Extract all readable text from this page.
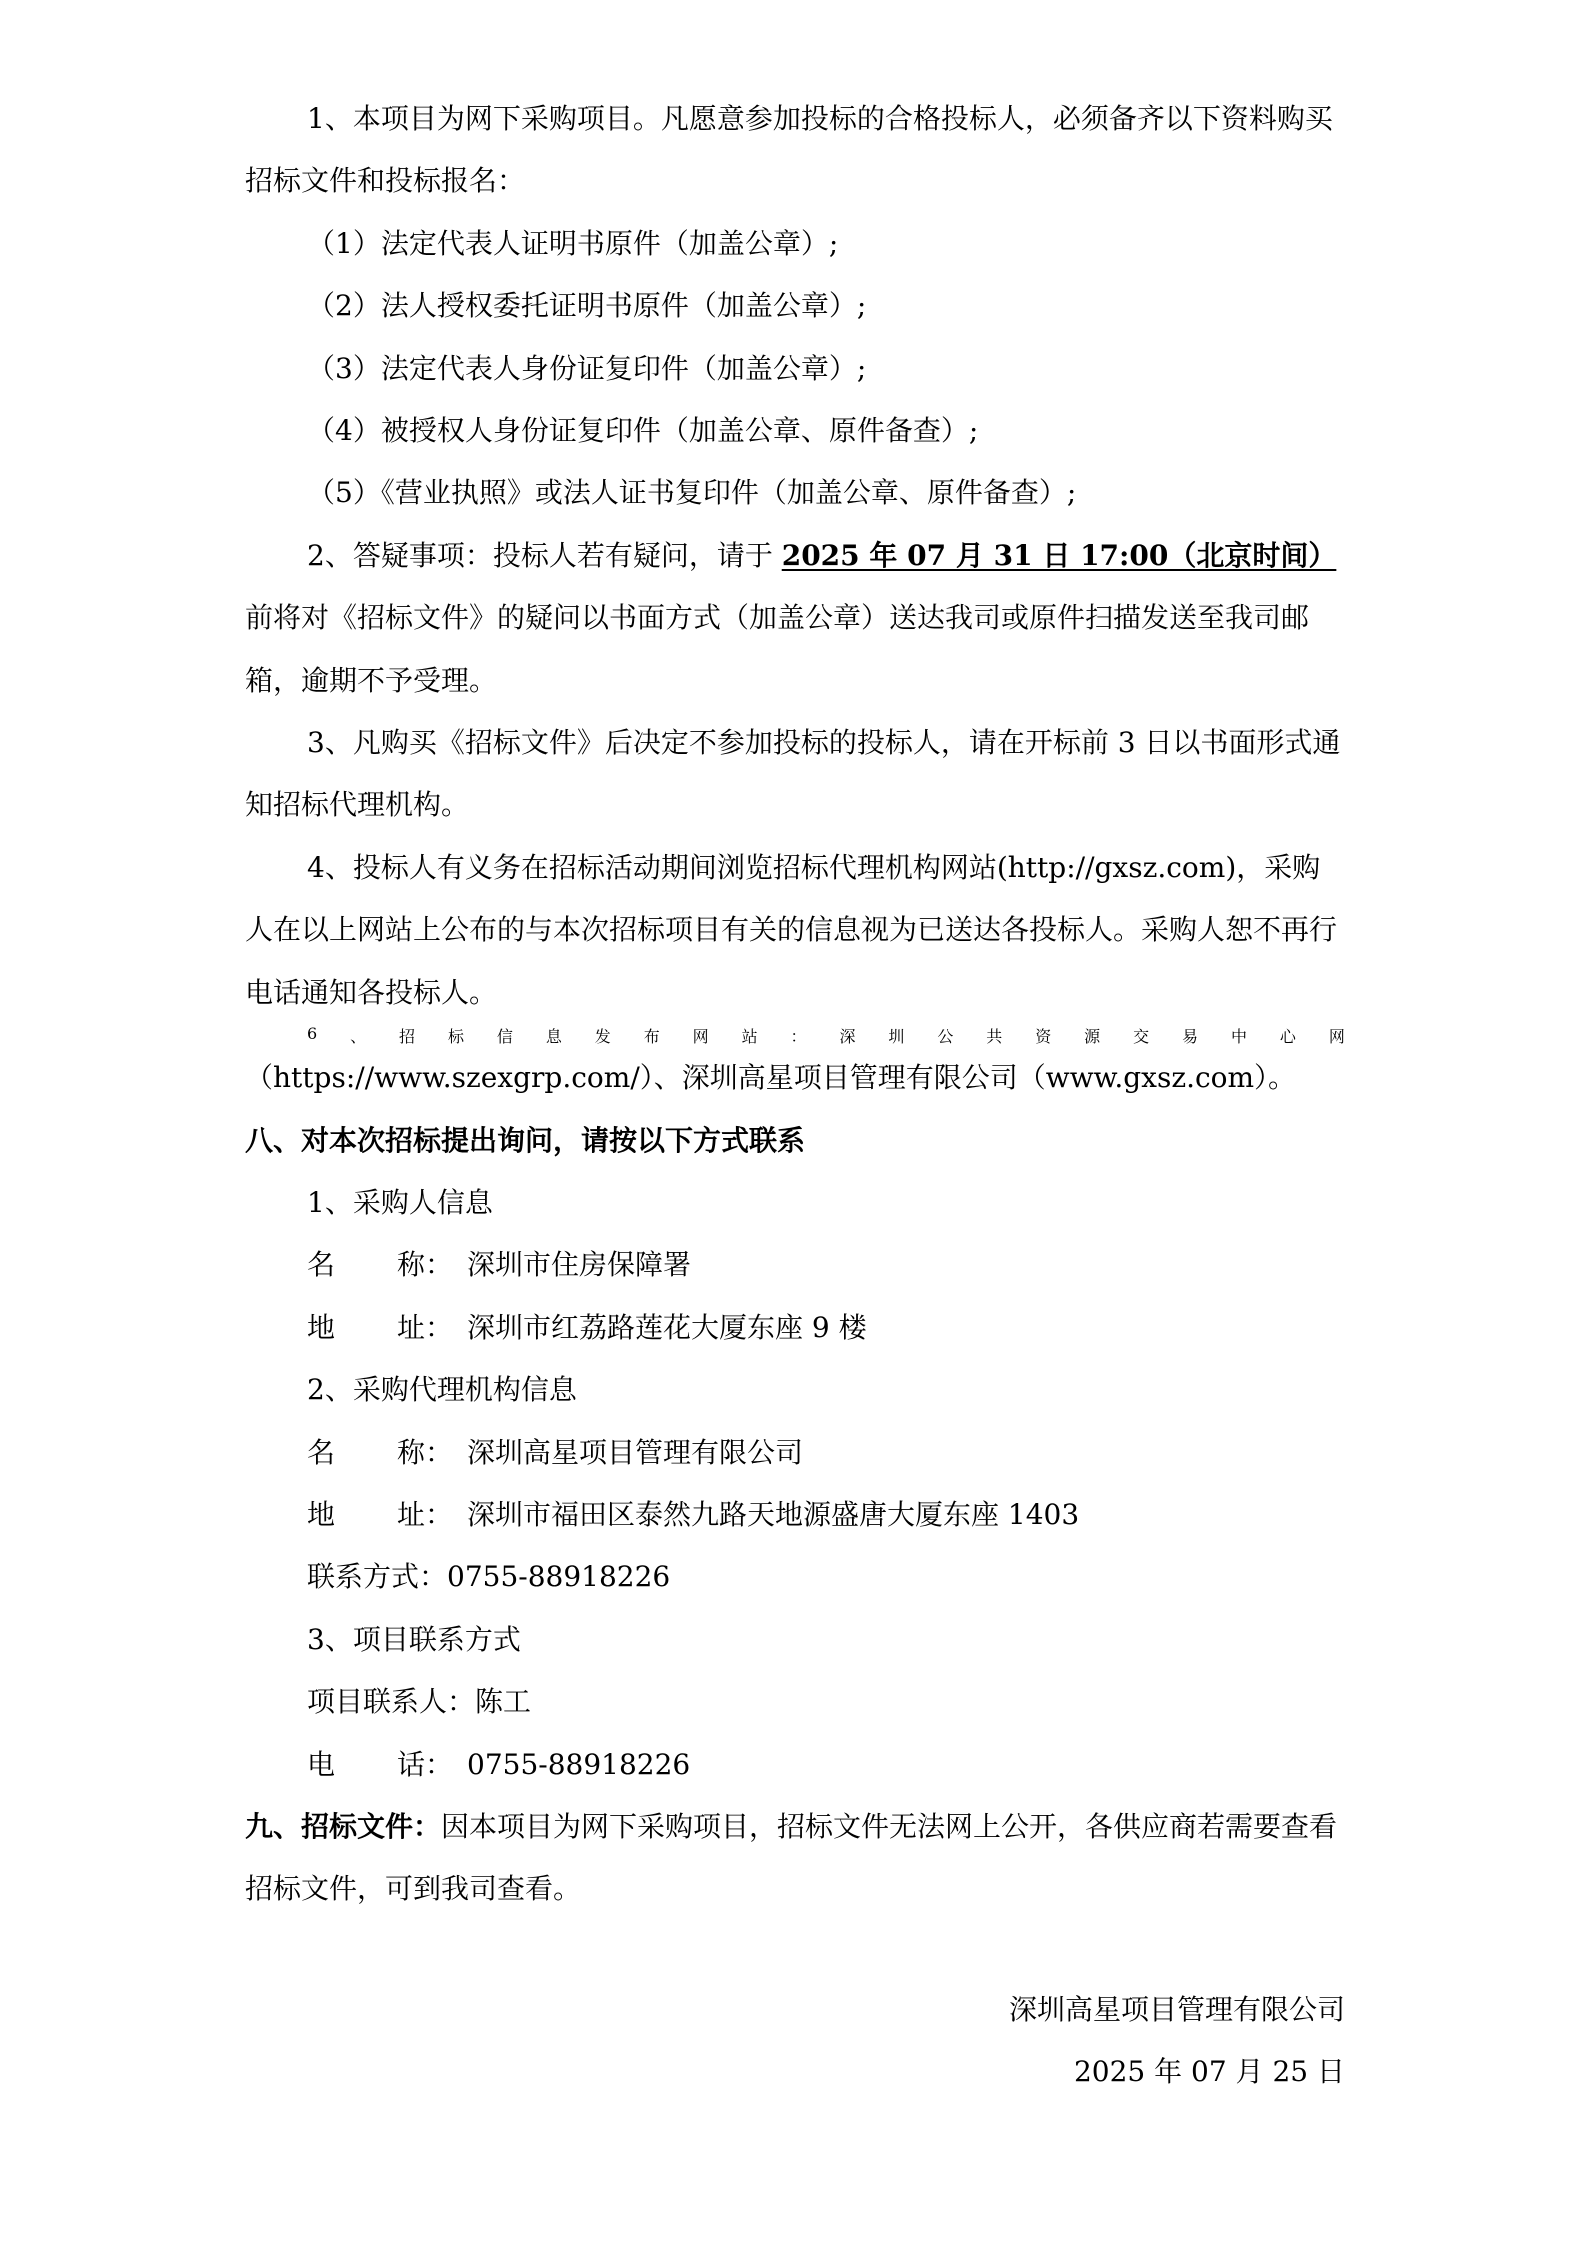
1、本项目为网下采购项目。凡愿意参加投标的合格投标人，必须备齐以下资料购买招标文件和投标报名：

（1）法定代表人证明书原件（加盖公章）;

（2）法人授权委托证明书原件（加盖公章）;

（3）法定代表人身份证复印件（加盖公章）;

（4）被授权人身份证复印件（加盖公章、原件备查）;

（5）《营业执照》或法人证书复印件（加盖公章、原件备查）;

2、答疑事项：投标人若有疑问，请于 2025 年 07 月 31 日 17:00（北京时间）前将对《招标文件》的疑问以书面方式（加盖公章）送达我司或原件扫描发送至我司邮箱，逾期不予受理。

3、凡购买《招标文件》后决定不参加投标的投标人，请在开标前 3 日以书面形式通知招标代理机构。

4、投标人有义务在招标活动期间浏览招标代理机构网站(http://gxsz.com)，采购人在以上网站上公布的与本次招标项目有关的信息视为已送达各投标人。采购人恕不再行电话通知各投标人。

6 、 招 标 信 息 发 布 网 站 ： 深 圳 公 共 资 源 交 易 中 心 网

（https://www.szexgrp.com/）、深圳高星项目管理有限公司（www.gxsz.com）。

八、对本次招标提出询问，请按以下方式联系

1、采购人信息

名 称： 深圳市住房保障署

地 址： 深圳市红荔路莲花大厦东座 9 楼

2、采购代理机构信息

名 称： 深圳高星项目管理有限公司

地 址： 深圳市福田区泰然九路天地源盛唐大厦东座 1403

联系方式：0755-88918226

3、项目联系方式

项目联系人：陈工

电 话： 0755-88918226

九、招标文件：因本项目为网下采购项目，招标文件无法网上公开，各供应商若需要查看招标文件，可到我司查看。

深圳高星项目管理有限公司

2025 年 07 月 25 日
